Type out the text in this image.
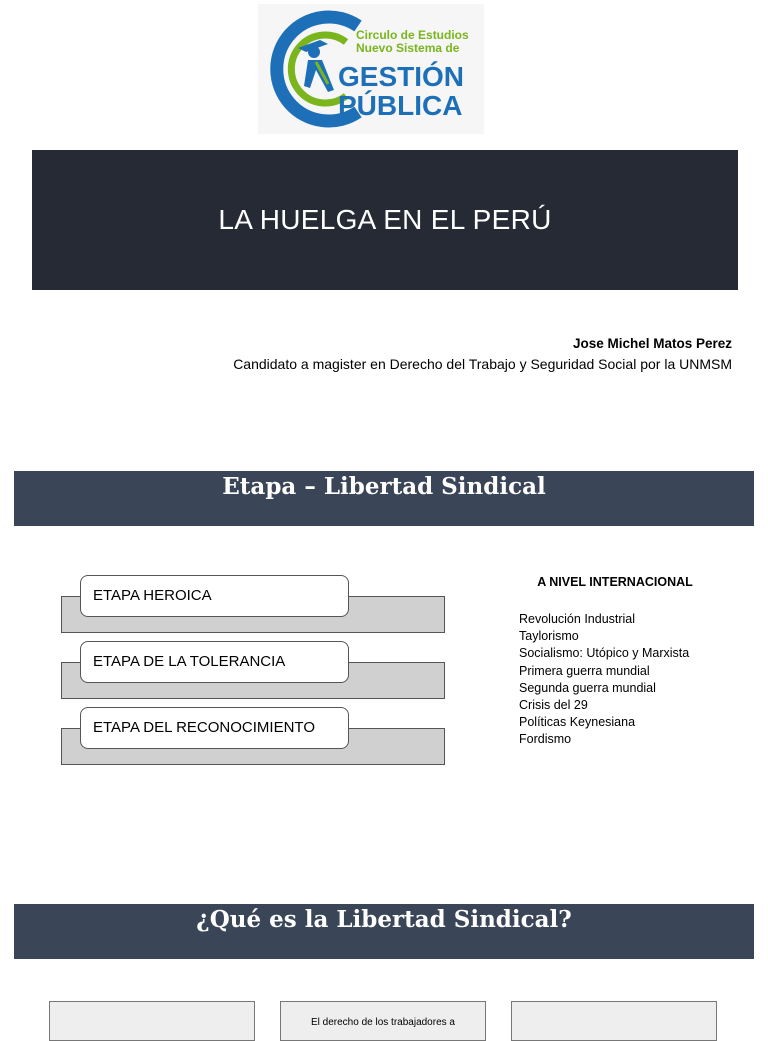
Circulo de Estudios
Nuevo Sistema de
GESTIÓN
PÚBLICA
LA HUELGA EN EL PERÚ
Jose Michel Matos Perez
Candidato a magister en Derecho del Trabajo y Seguridad Social por la UNMSM
Etapa – Libertad Sindical
ETAPA HEROICA
ETAPA DE LA TOLERANCIA
ETAPA DEL RECONOCIMIENTO
A NIVEL INTERNACIONAL
Revolución Industrial
Taylorismo
Socialismo: Utópico y Marxista
Primera guerra mundial
Segunda guerra mundial
Crisis del 29
Políticas Keynesiana
Fordismo
¿Qué es la Libertad Sindical?
El derecho de los trabajadores a
